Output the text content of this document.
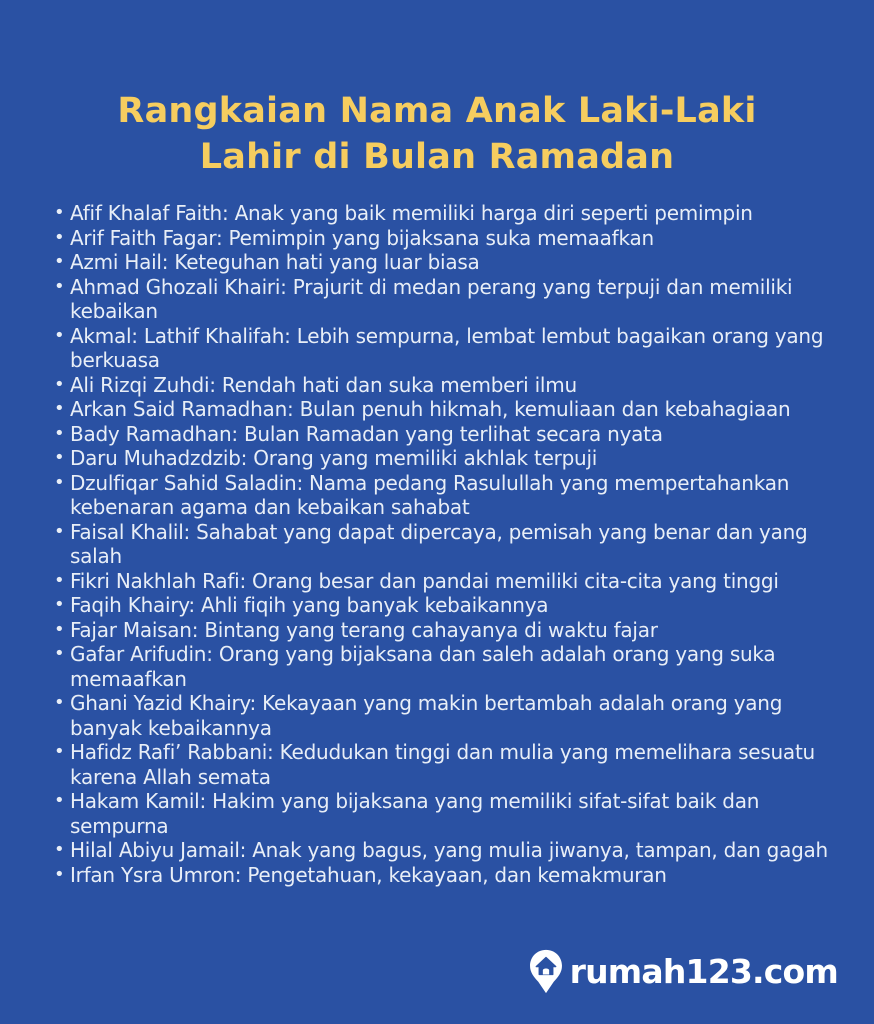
Rangkaian Nama Anak Laki-Laki
Lahir di Bulan Ramadan
• Afif Khalaf Faith: Anak yang baik memiliki harga diri seperti pemimpin
• Arif Faith Fagar: Pemimpin yang bijaksana suka memaafkan
• Azmi Hail: Keteguhan hati yang luar biasa
• Ahmad Ghozali Khairi: Prajurit di medan perang yang terpuji dan memiliki kebaikan
• Akmal: Lathif Khalifah: Lebih sempurna, lembat lembut bagaikan orang yang berkuasa
• Ali Rizqi Zuhdi: Rendah hati dan suka memberi ilmu
• Arkan Said Ramadhan: Bulan penuh hikmah, kemuliaan dan kebahagiaan
• Bady Ramadhan: Bulan Ramadan yang terlihat secara nyata
• Daru Muhadzdzib: Orang yang memiliki akhlak terpuji
• Dzulfiqar Sahid Saladin: Nama pedang Rasulullah yang mempertahankan kebenaran agama dan kebaikan sahabat
• Faisal Khalil: Sahabat yang dapat dipercaya, pemisah yang benar dan yang salah
• Fikri Nakhlah Rafi: Orang besar dan pandai memiliki cita-cita yang tinggi
• Faqih Khairy: Ahli fiqih yang banyak kebaikannya
• Fajar Maisan: Bintang yang terang cahayanya di waktu fajar
• Gafar Arifudin: Orang yang bijaksana dan saleh adalah orang yang suka memaafkan
• Ghani Yazid Khairy: Kekayaan yang makin bertambah adalah orang yang banyak kebaikannya
• Hafidz Rafi’ Rabbani: Kedudukan tinggi dan mulia yang memelihara sesuatu karena Allah semata
• Hakam Kamil: Hakim yang bijaksana yang memiliki sifat-sifat baik dan sempurna
• Hilal Abiyu Jamail: Anak yang bagus, yang mulia jiwanya, tampan, dan gagah
• Irfan Ysra Umron: Pengetahuan, kekayaan, dan kemakmuran
rumah123.com
